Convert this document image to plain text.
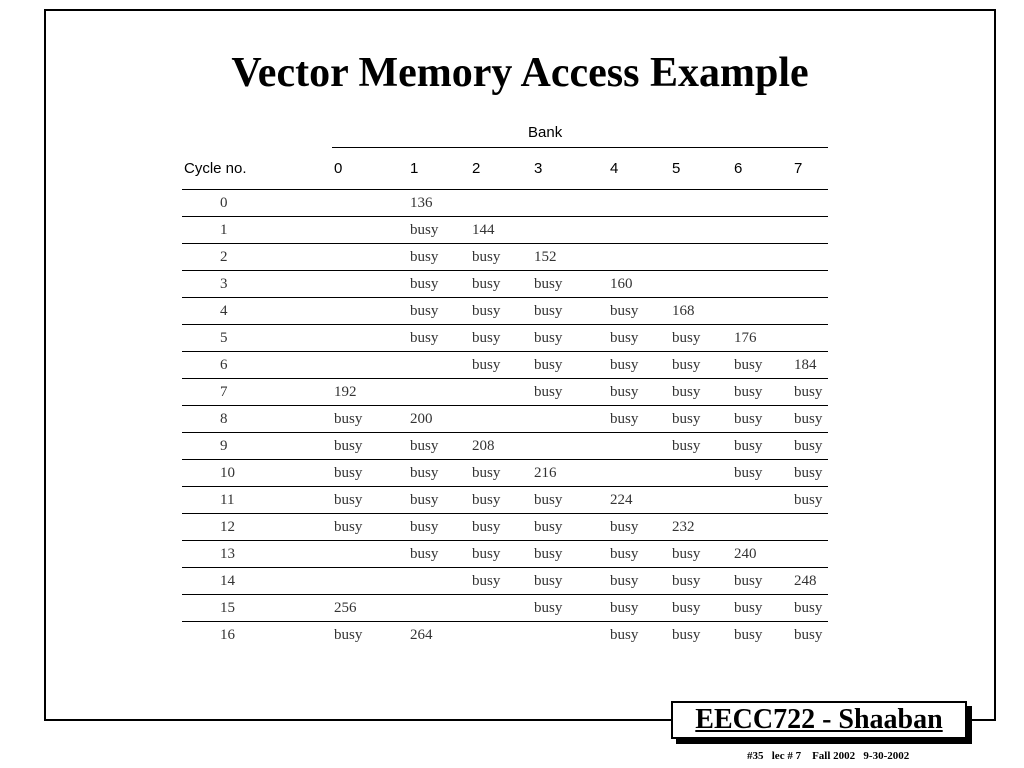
Vector Memory Access Example
	Bank							
Cycle no.	0	1	2	3	4	5	6	7
0		136						
1		busy	144					
2		busy	busy	152				
3		busy	busy	busy	160			
4		busy	busy	busy	busy	168		
5		busy	busy	busy	busy	busy	176	
6			busy	busy	busy	busy	busy	184
7	192			busy	busy	busy	busy	busy
8	busy	200			busy	busy	busy	busy
9	busy	busy	208			busy	busy	busy
10	busy	busy	busy	216			busy	busy
11	busy	busy	busy	busy	224			busy
12	busy	busy	busy	busy	busy	232		
13		busy	busy	busy	busy	busy	240	
14			busy	busy	busy	busy	busy	248
15	256			busy	busy	busy	busy	busy
16	busy	264			busy	busy	busy	busy
EECC722 - Shaaban
#35   lec # 7    Fall 2002   9-30-2002
